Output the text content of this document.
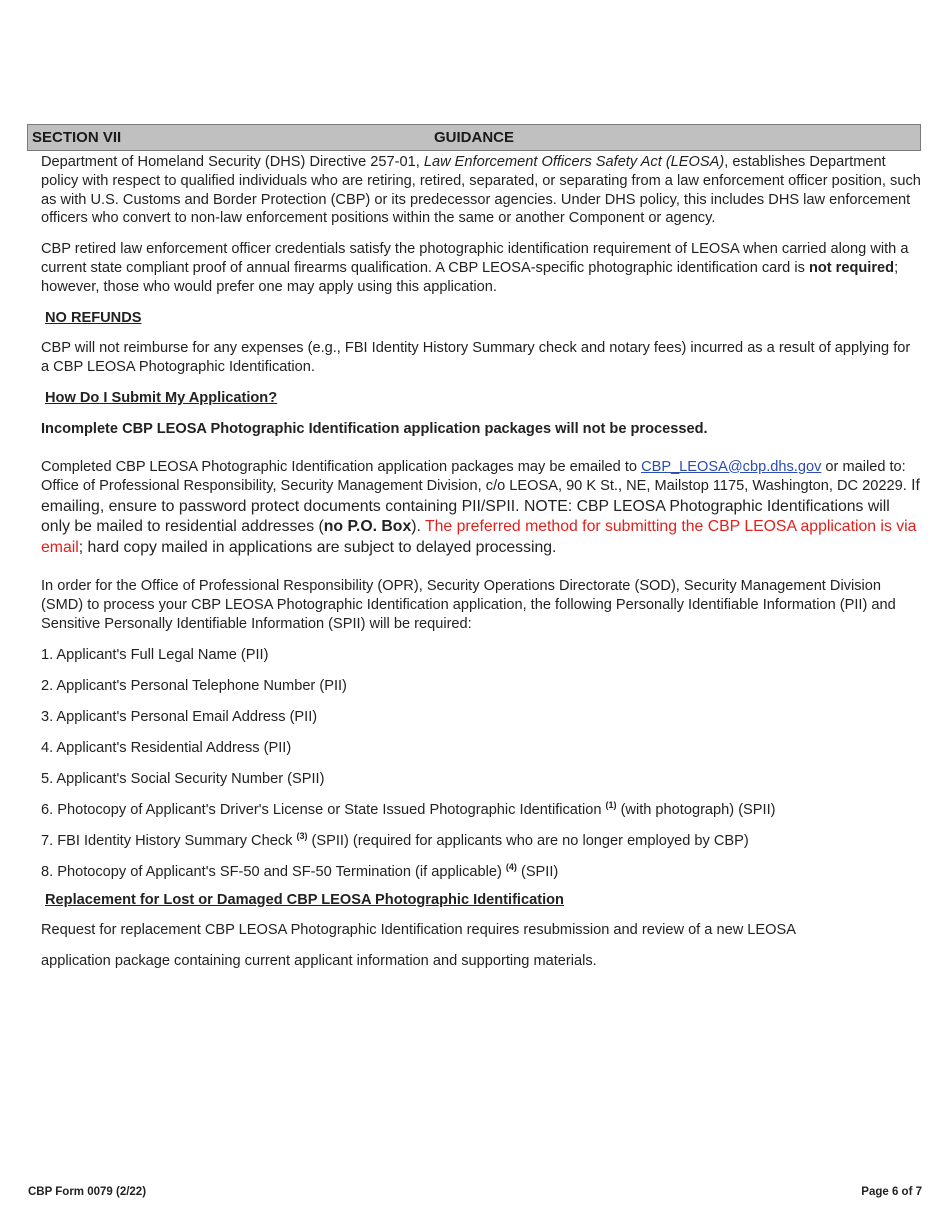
SECTION VII	GUIDANCE

Department of Homeland Security (DHS) Directive 257-01, Law Enforcement Officers Safety Act (LEOSA), establishes Department policy with respect to qualified individuals who are retiring, retired, separated, or separating from a law enforcement officer position, such as with U.S. Customs and Border Protection (CBP) or its predecessor agencies. Under DHS policy, this includes DHS law enforcement officers who convert to non-law enforcement positions within the same or another Component or agency.

CBP retired law enforcement officer credentials satisfy the photographic identification requirement of LEOSA when carried along with a current state compliant proof of annual firearms qualification. A CBP LEOSA-specific photographic identification card is not required; however, those who would prefer one may apply using this application.

NO REFUNDS

CBP will not reimburse for any expenses (e.g., FBI Identity History Summary check and notary fees) incurred as a result of applying for a CBP LEOSA Photographic Identification.

How Do I Submit My Application?

Incomplete CBP LEOSA Photographic Identification application packages will not be processed.

Completed CBP LEOSA Photographic Identification application packages may be emailed to CBP_LEOSA@cbp.dhs.gov or mailed to: Office of Professional Responsibility, Security Management Division, c/o LEOSA, 90 K St., NE, Mailstop 1175, Washington, DC 20229. If emailing, ensure to password protect documents containing PII/SPII. NOTE: CBP LEOSA Photographic Identifications will only be mailed to residential addresses (no P.O. Box). The preferred method for submitting the CBP LEOSA application is via email; hard copy mailed in applications are subject to delayed processing.

In order for the Office of Professional Responsibility (OPR), Security Operations Directorate (SOD), Security Management Division (SMD) to process your CBP LEOSA Photographic Identification application, the following Personally Identifiable Information (PII) and Sensitive Personally Identifiable Information (SPII) will be required:

1. Applicant's Full Legal Name (PII)

2. Applicant's Personal Telephone Number (PII)

3. Applicant's Personal Email Address (PII)

4. Applicant's Residential Address (PII)

5. Applicant's Social Security Number (SPII)

6. Photocopy of Applicant's Driver's License or State Issued Photographic Identification $^{(1)}$ (with photograph) (SPII)

7. FBI Identity History Summary Check $^{(3)}$ (SPII) (required for applicants who are no longer employed by CBP)

8. Photocopy of Applicant's SF-50 and SF-50 Termination (if applicable) $^{(4)}$ (SPII)

Replacement for Lost or Damaged CBP LEOSA Photographic Identification

Request for replacement CBP LEOSA Photographic Identification requires resubmission and review of a new LEOSA

application package containing current applicant information and supporting materials.

CBP Form 0079 (2/22)	Page 6 of 7
